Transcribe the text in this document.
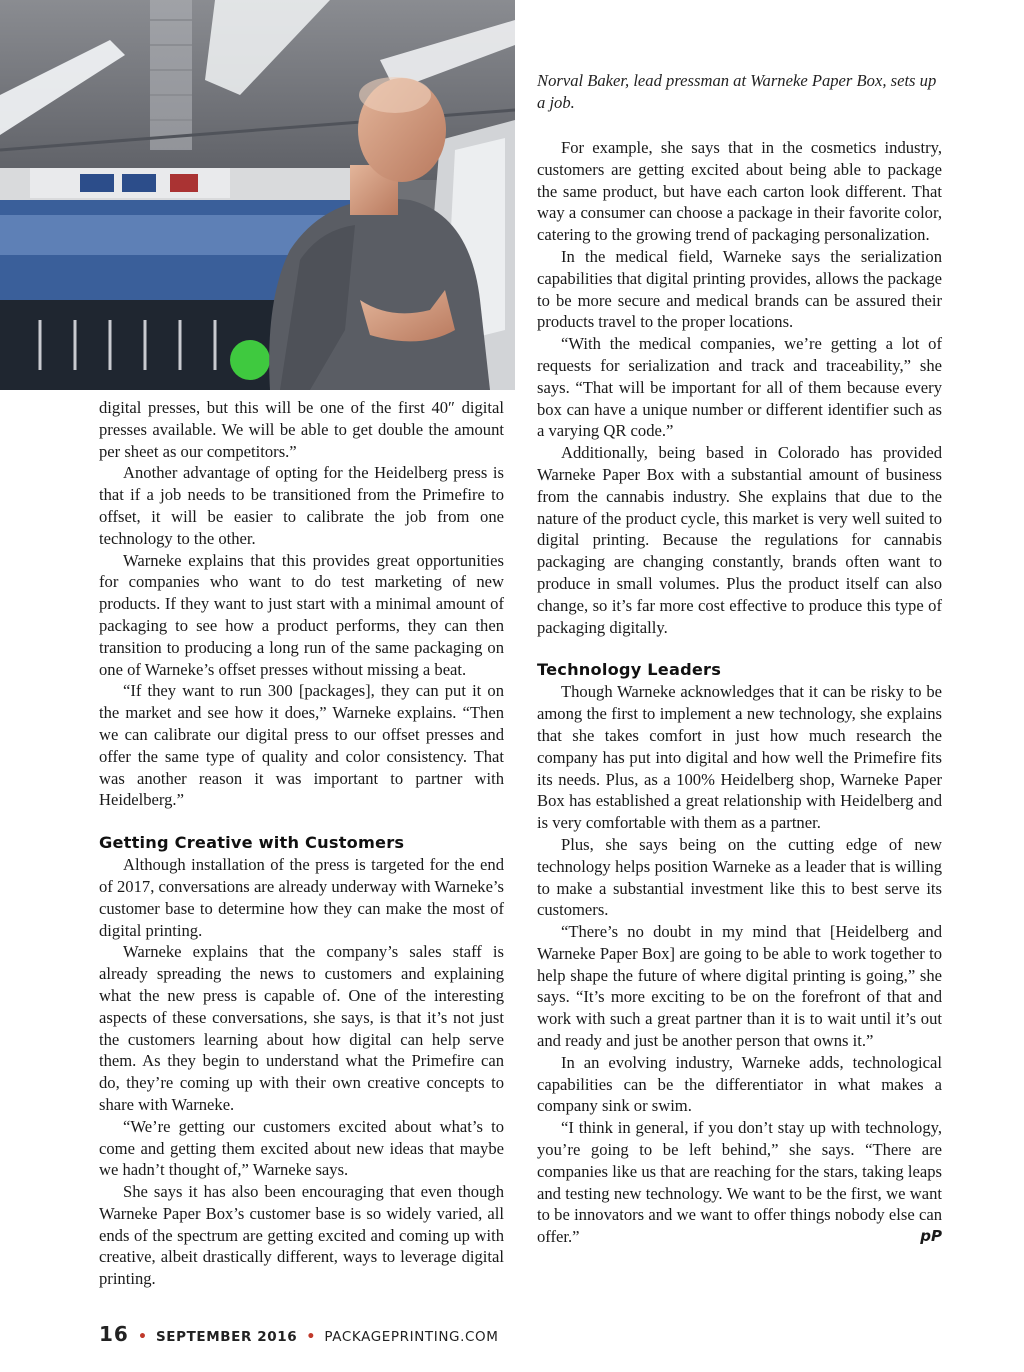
Norval Baker, lead pressman at Warneke Paper Box, sets up a job.

digital presses, but this will be one of the first 40″ digital presses available. We will be able to get double the amount per sheet as our competitors.”

Another advantage of opting for the Heidelberg press is that if a job needs to be transitioned from the Primefire to offset, it will be easier to calibrate the job from one technology to the other.

Warneke explains that this provides great opportunities for companies who want to do test marketing of new products. If they want to just start with a minimal amount of packaging to see how a product performs, they can then transition to producing a long run of the same packaging on one of Warneke’s offset presses without missing a beat.

“If they want to run 300 [packages], they can put it on the market and see how it does,” Warneke explains. “Then we can calibrate our digital press to our offset presses and offer the same type of quality and color consistency. That was another reason it was important to partner with Heidelberg.”

Getting Creative with Customers

Although installation of the press is targeted for the end of 2017, conversations are already underway with Warneke’s customer base to determine how they can make the most of digital printing.

Warneke explains that the company’s sales staff is already spreading the news to customers and explaining what the new press is capable of. One of the interesting aspects of these conversations, she says, is that it’s not just the customers learning about how digital can help serve them. As they begin to understand what the Primefire can do, they’re coming up with their own creative concepts to share with Warneke.

“We’re getting our customers excited about what’s to come and getting them excited about new ideas that maybe we hadn’t thought of,” Warneke says.

She says it has also been encouraging that even though Warneke Paper Box’s customer base is so widely varied, all ends of the spectrum are getting excited and coming up with creative, albeit drastically different, ways to leverage digital printing.

For example, she says that in the cosmetics industry, customers are getting excited about being able to package the same product, but have each carton look different. That way a consumer can choose a package in their favorite color, catering to the growing trend of packaging personalization.

In the medical field, Warneke says the serialization capabilities that digital printing provides, allows the package to be more secure and medical brands can be assured their products travel to the proper locations.

“With the medical companies, we’re getting a lot of requests for serialization and track and traceability,” she says. “That will be important for all of them because every box can have a unique number or different identifier such as a varying QR code.”

Additionally, being based in Colorado has provided Warneke Paper Box with a substantial amount of business from the cannabis industry. She explains that due to the nature of the product cycle, this market is very well suited to digital printing. Because the regulations for cannabis packaging are changing constantly, brands often want to produce in small volumes. Plus the product itself can also change, so it’s far more cost effective to produce this type of packaging digitally.

Technology Leaders

Though Warneke acknowledges that it can be risky to be among the first to implement a new technology, she explains that she takes comfort in just how much research the company has put into digital and how well the Primefire fits its needs. Plus, as a 100% Heidelberg shop, Warneke Paper Box has established a great relationship with Heidelberg and is very comfortable with them as a partner.

Plus, she says being on the cutting edge of new technology helps position Warneke as a leader that is willing to make a substantial investment like this to best serve its customers.

“There’s no doubt in my mind that [Heidelberg and Warneke Paper Box] are going to be able to work together to help shape the future of where digital printing is going,” she says. “It’s more exciting to be on the forefront of that and work with such a great partner than it is to wait until it’s out and ready and just be another person that owns it.”

In an evolving industry, Warneke adds, technological capabilities can be the differentiator in what makes a company sink or swim.

“I think in general, if you don’t stay up with technology, you’re going to be left behind,” she says. “There are companies like us that are reaching for the stars, taking leaps and testing new technology. We want to be the first, we want to be innovators and we want to offer things nobody else can offer.”	pP

16 • SEPTEMBER 2016 • PACKAGEPRINTING.COM
